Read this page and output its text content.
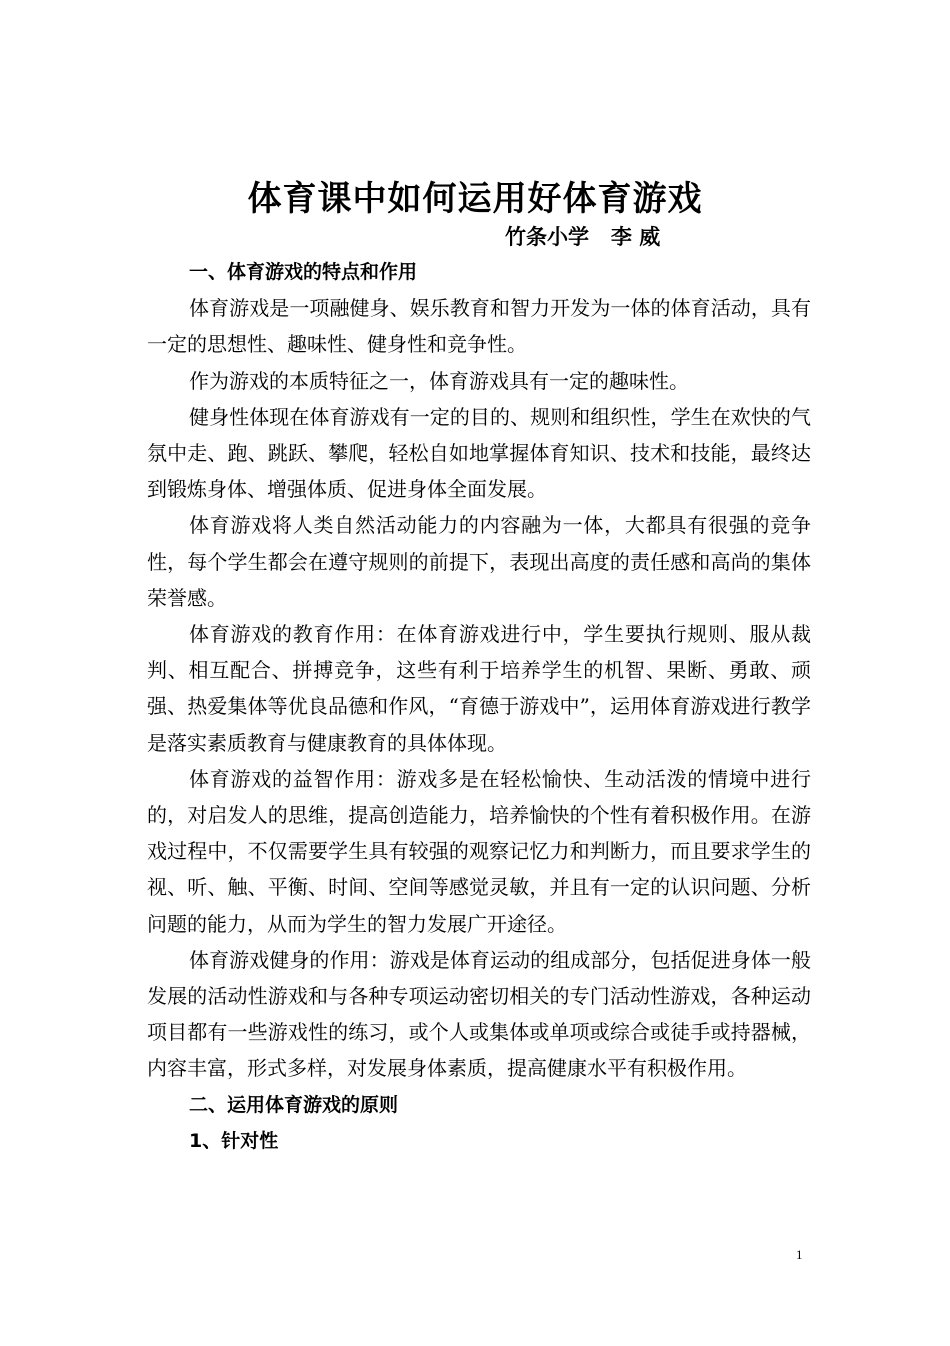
体育课中如何运用好体育游戏
竹条小学   李 威

一、体育游戏的特点和作用

体育游戏是一项融健身、娱乐教育和智力开发为一体的体育活动，具有一定的思想性、趣味性、健身性和竞争性。

作为游戏的本质特征之一，体育游戏具有一定的趣味性。

健身性体现在体育游戏有一定的目的、规则和组织性，学生在欢快的气氛中走、跑、跳跃、攀爬，轻松自如地掌握体育知识、技术和技能，最终达到锻炼身体、增强体质、促进身体全面发展。

体育游戏将人类自然活动能力的内容融为一体，大都具有很强的竞争性，每个学生都会在遵守规则的前提下，表现出高度的责任感和高尚的集体荣誉感。

体育游戏的教育作用：在体育游戏进行中，学生要执行规则、服从裁判、相互配合、拼搏竞争，这些有利于培养学生的机智、果断、勇敢、顽强、热爱集体等优良品德和作风，“育德于游戏中”，运用体育游戏进行教学是落实素质教育与健康教育的具体体现。

体育游戏的益智作用：游戏多是在轻松愉快、生动活泼的情境中进行的，对启发人的思维，提高创造能力，培养愉快的个性有着积极作用。在游戏过程中，不仅需要学生具有较强的观察记忆力和判断力，而且要求学生的视、听、触、平衡、时间、空间等感觉灵敏，并且有一定的认识问题、分析问题的能力，从而为学生的智力发展广开途径。

体育游戏健身的作用：游戏是体育运动的组成部分，包括促进身体一般发展的活动性游戏和与各种专项运动密切相关的专门活动性游戏，各种运动项目都有一些游戏性的练习，或个人或集体或单项或综合或徒手或持器械，内容丰富，形式多样，对发展身体素质，提高健康水平有积极作用。

二、运用体育游戏的原则

1、针对性

1
